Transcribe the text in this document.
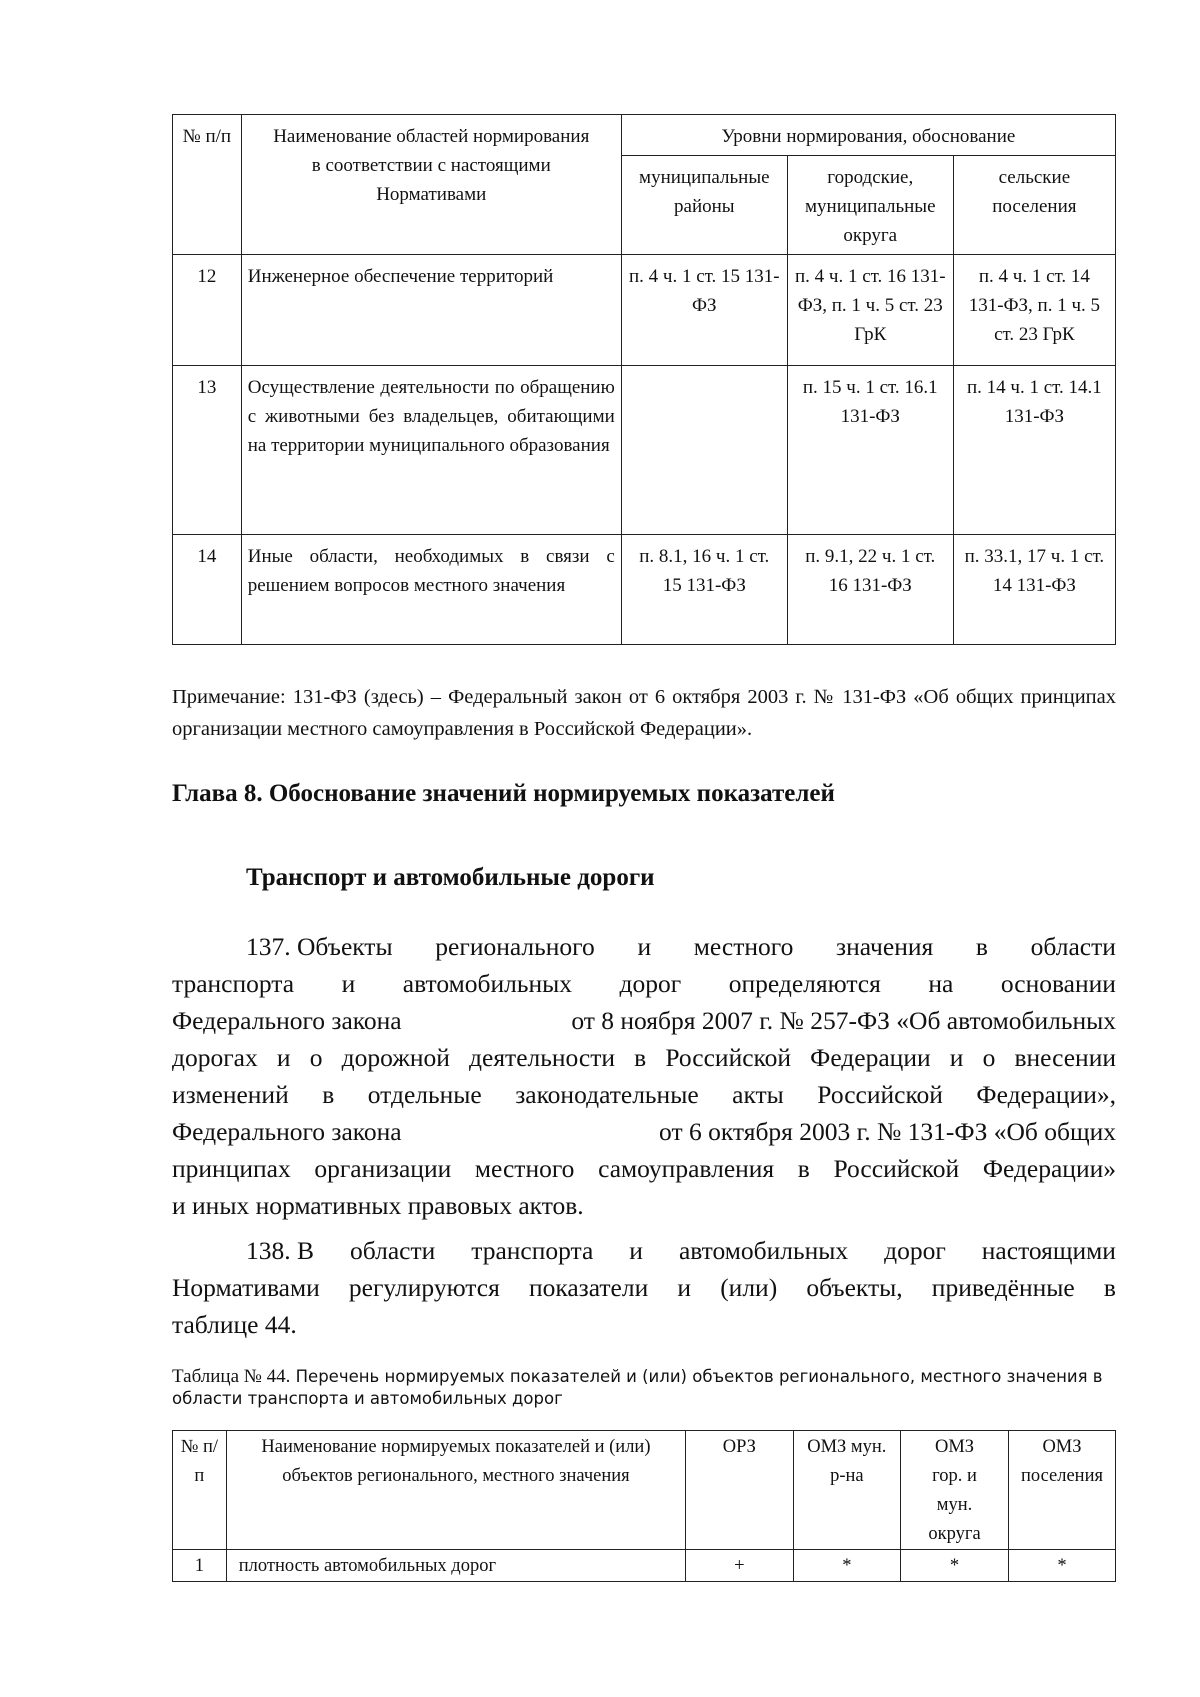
№ п/п	Наименование областей нормирования в соответствии с настоящими Нормативами	Уровни нормирования, обоснование		
		муниципальные районы	городские, муниципальные округа	сельские поселения
12	Инженерное обеспечение территорий	п. 4 ч. 1 ст. 15 131-ФЗ	п. 4 ч. 1 ст. 16 131-ФЗ, п. 1 ч. 5 ст. 23 ГрК	п. 4 ч. 1 ст. 14 131-ФЗ, п. 1 ч. 5 ст. 23 ГрК
13	Осуществление деятельности по обращению с животными без владельцев, обитающими на территории муниципального образования		п. 15 ч. 1 ст. 16.1 131-ФЗ	п. 14 ч. 1 ст. 14.1 131-ФЗ
14	Иные области, необходимых в связи с решением вопросов местного значения	п. 8.1, 16 ч. 1 ст. 15 131-ФЗ	п. 9.1, 22 ч. 1 ст. 16 131-ФЗ	п. 33.1, 17 ч. 1 ст. 14 131-ФЗ
Примечание: 131-ФЗ (здесь) – Федеральный закон от 6 октября 2003 г. № 131-ФЗ «Об общих принципах организации местного самоуправления в Российской Федерации».
Глава 8. Обоснование значений нормируемых показателей
Транспорт и автомобильные дороги
137. Объекты регионального и местного значения в области
транспорта и автомобильных дорог определяются на основании
Федерального закона	от 8 ноября 2007 г. № 257-ФЗ «Об автомобильных
дорогах и о дорожной деятельности в Российской Федерации и о внесении
изменений в отдельные законодательные акты Российской Федерации»,
Федерального закона	от 6 октября 2003 г. № 131-ФЗ «Об общих
принципах организации местного самоуправления в Российской Федерации»
и иных нормативных правовых актов.
138. В области транспорта и автомобильных дорог настоящими
Нормативами регулируются показатели и (или) объекты, приведённые в
таблице 44.
Таблица № 44. Перечень нормируемых показателей и (или) объектов регионального, местного значения в области транспорта и автомобильных дорог
№ п/п	Наименование нормируемых показателей и (или) объектов регионального, местного значения	ОРЗ	ОМЗ мун. р-на	ОМЗ гор. и мун. округа	ОМЗ поселения
1	плотность автомобильных дорог	+	*	*	*
